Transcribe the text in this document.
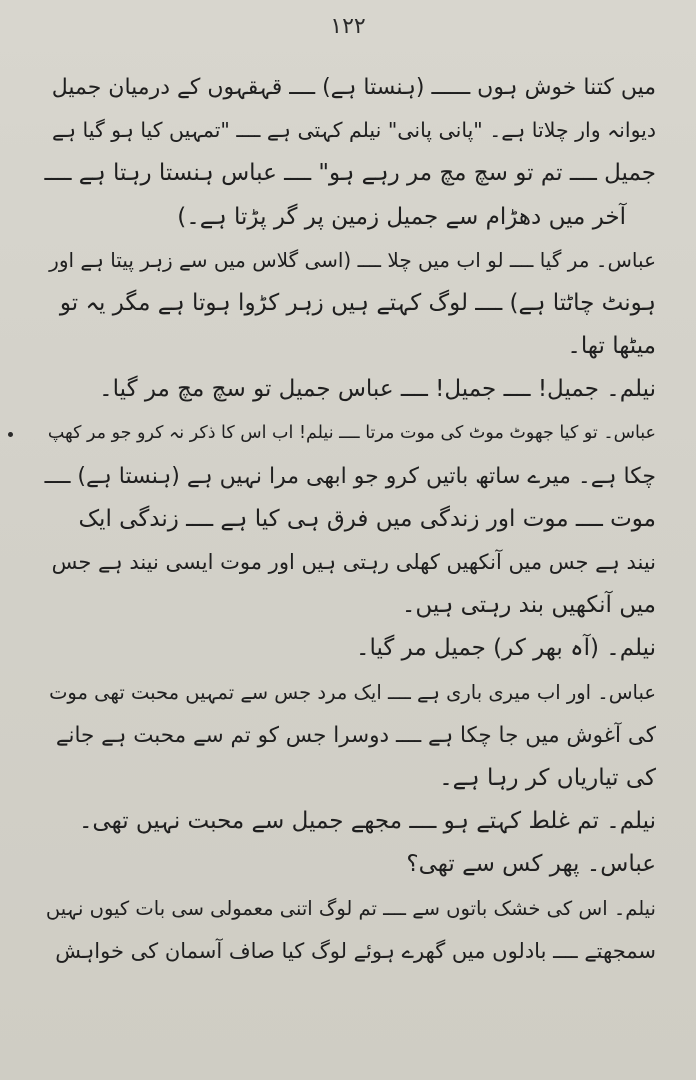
۱۲۲
میں کتنا خوش ہوں ــــــ (ہنستا ہے) ــــ قہقہوں کے درمیان جمیل
دیوانہ وار چلاتا ہے۔ "پانی پانی" نیلم کہتی ہے ــــ "تمہیں کیا ہو گیا ہے
جمیل ــــ تم تو سچ مچ مر رہے ہو" ــــ عباس ہنستا رہتا ہے ــــ
آخر میں دھڑام سے جمیل زمین پر گر پڑتا ہے۔)
عباس۔ مر گیا ــــ لو اب میں چلا ــــ (اسی گلاس میں سے زہر پیتا ہے اور
ہونٹ چاٹتا ہے) ــــ لوگ کہتے ہیں زہر کڑوا ہوتا ہے مگر یہ تو
میٹھا تھا۔
نیلم۔ جمیل! ــــ جمیل! ــــ عباس جمیل تو سچ مچ مر گیا۔
عباس۔ تو کیا جھوٹ موٹ کی موت مرتا ــــ نیلم! اب اس کا ذکر نہ کرو جو مر کھپ
چکا ہے۔ میرے ساتھ باتیں کرو جو ابھی مرا نہیں ہے (ہنستا ہے) ــــ
موت ــــ موت اور زندگی میں فرق ہی کیا ہے ــــ زندگی ایک
نیند ہے جس میں آنکھیں کھلی رہتی ہیں اور موت ایسی نیند ہے جس
میں آنکھیں بند رہتی ہیں۔
نیلم۔ (آہ بھر کر) جمیل مر گیا۔
عباس۔ اور اب میری باری ہے ــــ ایک مرد جس سے تمہیں محبت تھی موت
کی آغوش میں جا چکا ہے ــــ دوسرا جس کو تم سے محبت ہے جانے
کی تیاریاں کر رہا ہے۔
نیلم۔ تم غلط کہتے ہو ــــ مجھے جمیل سے محبت نہیں تھی۔
عباس۔ پھر کس سے تھی؟
نیلم۔ اس کی خشک باتوں سے ــــ تم لوگ اتنی معمولی سی بات کیوں نہیں
سمجھتے ــــ بادلوں میں گھرے ہوئے لوگ کیا صاف آسمان کی خواہش
